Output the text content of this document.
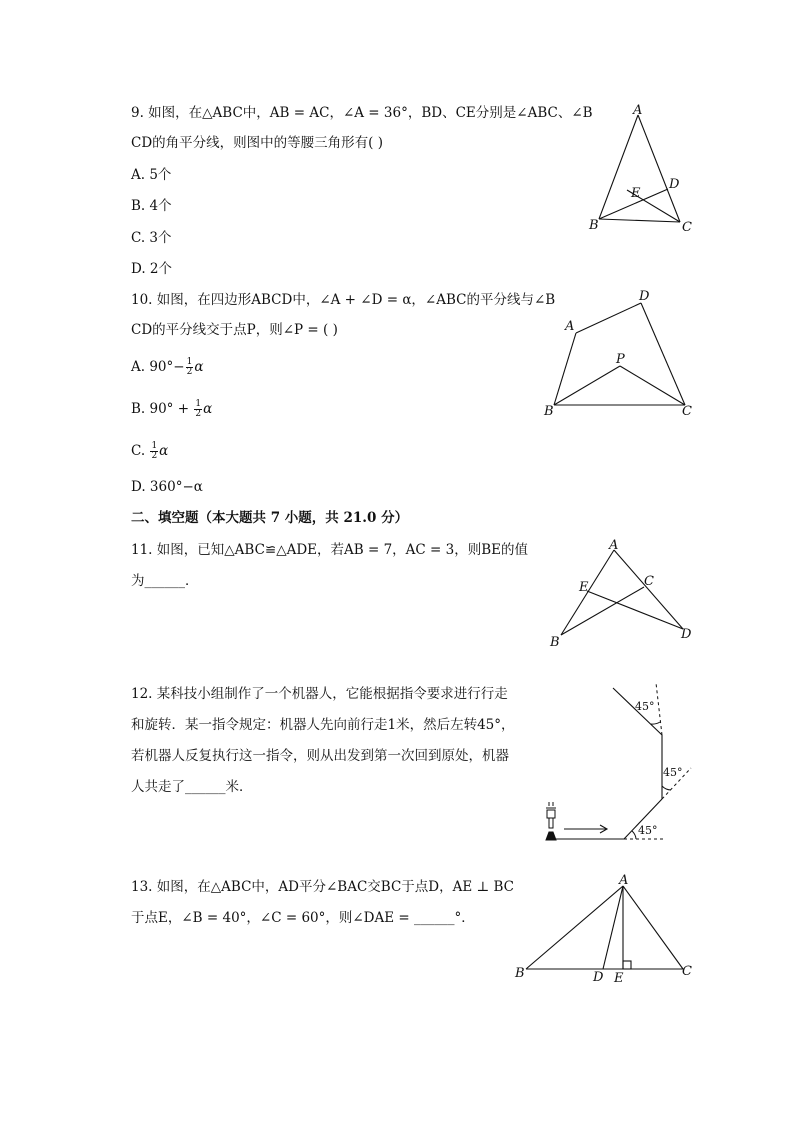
9. 如图，在△ABC中，AB = AC，∠A = 36°，BD、CE分别是∠ABC、∠B
CD的角平分线，则图中的等腰三角形有( )
A. 5个
B. 4个
C. 3个
D. 2个
A
B	C
D
E
10. 如图，在四边形ABCD中，∠A + ∠D = α，∠ABC的平分线与∠B
CD的平分线交于点P，则∠P = ( )
A. $90^\circ- \frac{1}{2}$ α
B. $90^\circ + \frac{1}{2}$ α
C. $\frac{1}{2}$ α
D. 360°−α
A
B	C
D
P
二、填空题（本大题共 7 小题，共 21.0 分）
11. 如图，已知△ABC≌△ADE，若AB = 7，AC = 3，则BE的值
为______．
A
B
C
D
E
12. 某科技小组制作了一个机器人，它能根据指令要求进行行走
和旋转．某一指令规定：机器人先向前行走1米，然后左转45°，
若机器人反复执行这一指令，则从出发到第一次回到原处，机器
人共走了______米．
45°
45°
45°
13. 如图，在△ABC中，AD平分∠BAC交BC于点D，AE ⊥ BC
于点E，∠B = 40°，∠C = 60°，则∠DAE = ______°．
A
B	C
D E
